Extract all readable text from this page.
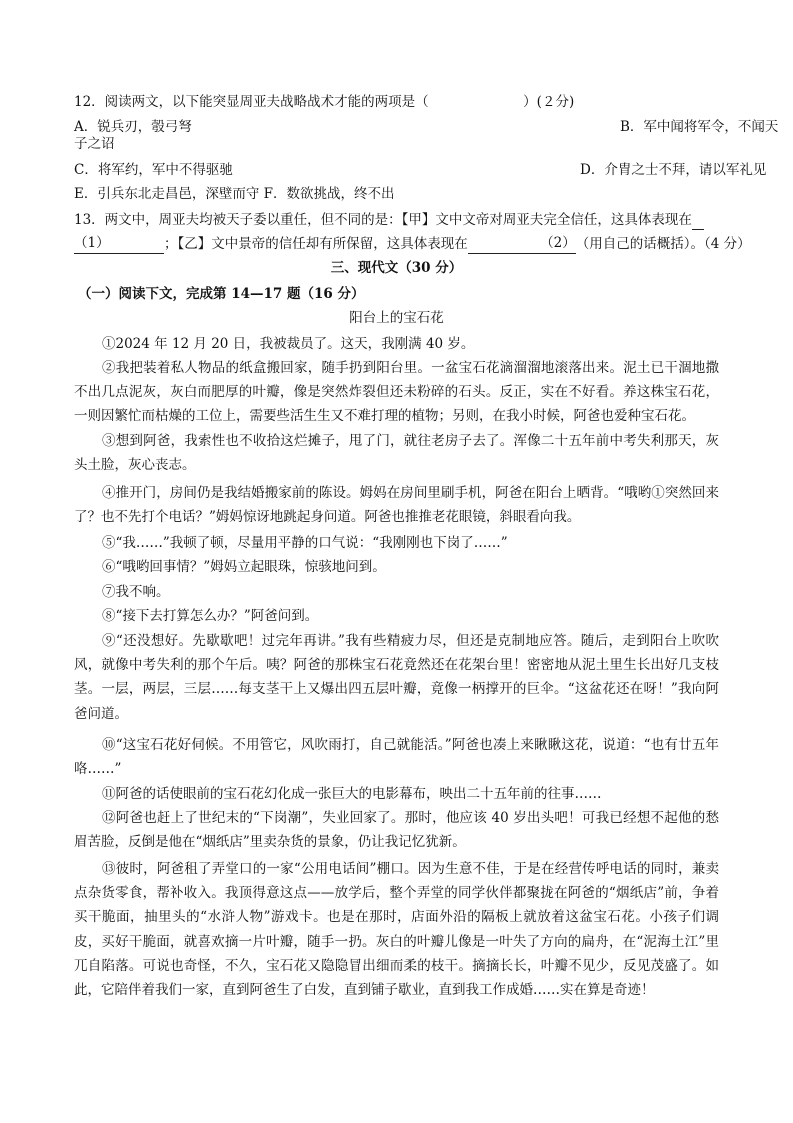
12．阅读两文，以下能突显周亚夫战略战术才能的两项是（　　　　　　　）(２分)
A．锐兵刃，彀弓弩	B．军中闻将军令，不闻天
子之诏
C．将军约，军中不得驱驰	D．介胄之士不拜，请以军礼见
E．引兵东北走昌邑，深壁而守 F．数欲挑战，终不出
13．两文中，周亚夫均被天子委以重任，但不同的是：【甲】文中文帝对周亚夫完全信任，这具体表现在
（1）	；【乙】文中景帝的信任却有所保留，这具体表现在	（2）（用自己的话概括）。（4 分）
三、现代文（30 分）
（一）阅读下文，完成第 14—17 题（16 分）
阳台上的宝石花
①2024 年 12 月 20 日，我被裁员了。这天，我刚满 40 岁。
②我把装着私人物品的纸盒搬回家，随手扔到阳台里。一盆宝石花滴溜溜地滚落出来。泥土已干涸地撒不出几点泥灰，灰白而肥厚的叶瓣，像是突然炸裂但还未粉碎的石头。反正，实在不好看。养这株宝石花，一则因繁忙而枯燥的工位上，需要些活生生又不难打理的植物；另则，在我小时候，阿爸也爱种宝石花。
③想到阿爸，我索性也不收拾这烂摊子，甩了门，就往老房子去了。浑像二十五年前中考失利那天，灰头土脸，灰心丧志。
④推开门，房间仍是我结婚搬家前的陈设。姆妈在房间里刷手机，阿爸在阳台上晒背。“哦哟①突然回来了？也不先打个电话？”姆妈惊讶地跳起身问道。阿爸也推推老花眼镜，斜眼看向我。
⑤“我……”我顿了顿，尽量用平静的口气说：“我刚刚也下岗了……”
⑥“哦哟回事情？”姆妈立起眼珠，惊骇地问到。
⑦我不响。
⑧“接下去打算怎么办？”阿爸问到。
⑨“还没想好。先歇歇吧！过完年再讲。”我有些精疲力尽，但还是克制地应答。随后，走到阳台上吹吹风，就像中考失利的那个午后。咦？阿爸的那株宝石花竟然还在花架台里！密密地从泥土里生长出好几支枝茎。一层，两层，三层……每支茎干上又爆出四五层叶瓣，竟像一柄撑开的巨伞。“这盆花还在呀！”我向阿爸问道。
⑩“这宝石花好伺候。不用管它，风吹雨打，自己就能活。”阿爸也凑上来瞅瞅这花，说道：“也有廿五年咯……”
⑪阿爸的话使眼前的宝石花幻化成一张巨大的电影幕布，映出二十五年前的往事……
⑫阿爸也赶上了世纪末的“下岗潮”，失业回家了。那时，他应该 40 岁出头吧！可我已经想不起他的愁眉苦脸，反倒是他在“烟纸店”里卖杂货的景象，仍让我记忆犹新。
⑬彼时，阿爸租了弄堂口的一家“公用电话间”棚口。因为生意不佳，于是在经营传呼电话的同时，兼卖点杂货零食，帮补收入。我顶得意这点——放学后，整个弄堂的同学伙伴都聚拢在阿爸的“烟纸店”前，争着买干脆面，抽里头的“水浒人物”游戏卡。也是在那时，店面外沿的隔板上就放着这盆宝石花。小孩子们调皮，买好干脆面，就喜欢摘一片叶瓣，随手一扔。灰白的叶瓣儿像是一叶失了方向的扁舟，在“泥海土江”里兀自陷落。可说也奇怪，不久，宝石花又隐隐冒出细而柔的枝干。摘摘长长，叶瓣不见少，反见茂盛了。如此，它陪伴着我们一家，直到阿爸生了白发，直到铺子歇业，直到我工作成婚……实在算是奇迹！
